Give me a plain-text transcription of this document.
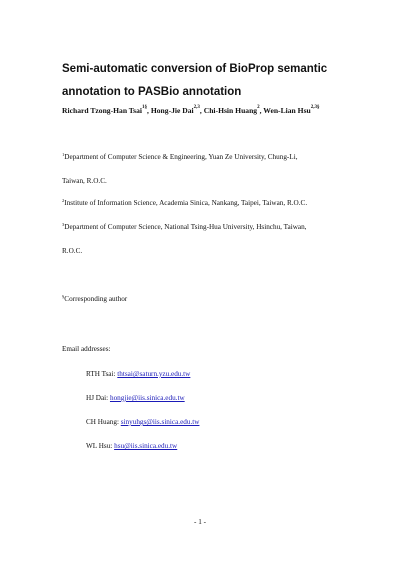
Semi-automatic conversion of BioProp semantic
annotation to PASBio annotation
Richard Tzong-Han Tsai$^{1\S}$, Hong-Jie Dai$^{2,3}$, Chi-Hsin Huang$^2$, Wen-Lian Hsu$^{2,3\S}$
$^1$Department of Computer Science & Engineering, Yuan Ze University, Chung-Li,
Taiwan, R.O.C.
$^2$Institute of Information Science, Academia Sinica, Nankang, Taipei, Taiwan, R.O.C.
$^3$Department of Computer Science, National Tsing-Hua University, Hsinchu, Taiwan,
R.O.C.
§Corresponding author
Email addresses:
RTH Tsai: thtsai@saturn.yzu.edu.tw
HJ Dai: hongjie@iis.sinica.edu.tw
CH Huang: sinyuhgs@iis.sinica.edu.tw
WL Hsu: hsu@iis.sinica.edu.tw
- 1 -
